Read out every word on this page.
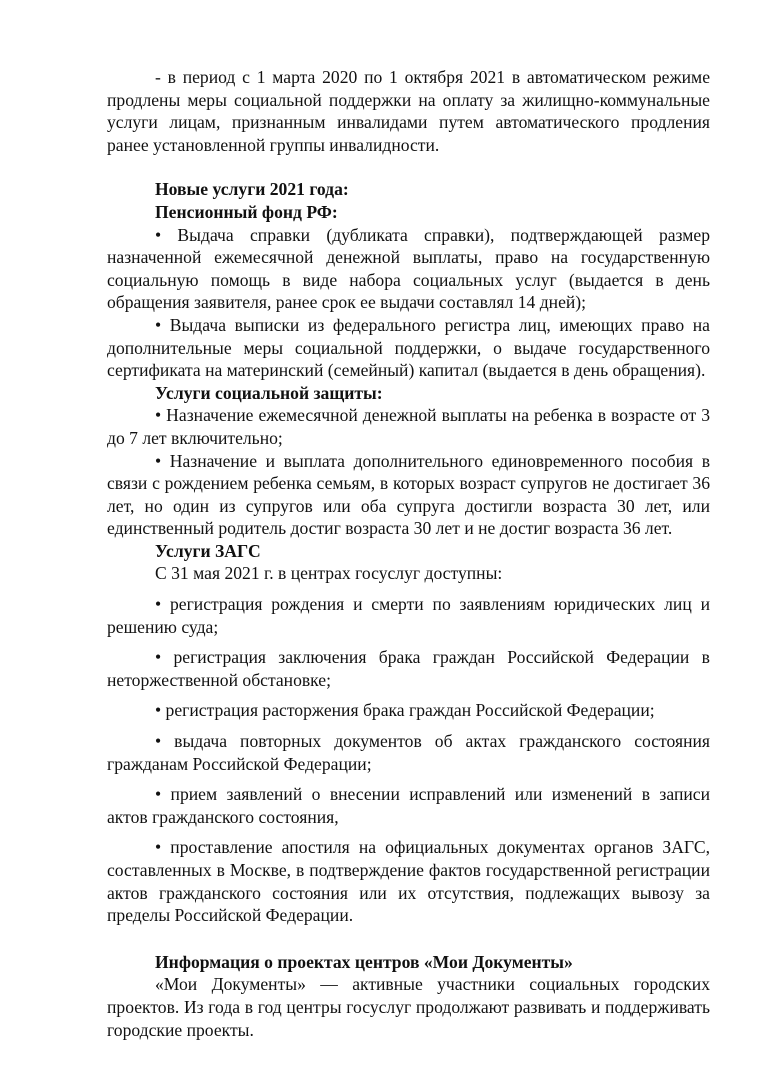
- в период с 1 марта 2020 по 1 октября 2021 в автоматическом режиме продлены меры социальной поддержки на оплату за жилищно-коммунальные услуги лицам, признанным инвалидами путем автоматического продления ранее установленной группы инвалидности.

Новые услуги 2021 года:

Пенсионный фонд РФ:

• Выдача справки (дубликата справки), подтверждающей размер назначенной ежемесячной денежной выплаты, право на государственную социальную помощь в виде набора социальных услуг (выдается в день обращения заявителя, ранее срок ее выдачи составлял 14 дней);

• Выдача выписки из федерального регистра лиц, имеющих право на дополнительные меры социальной поддержки, о выдаче государственного сертификата на материнский (семейный) капитал (выдается в день обращения).

Услуги социальной защиты:

• Назначение ежемесячной денежной выплаты на ребенка в возрасте от 3 до 7 лет включительно;

• Назначение и выплата дополнительного единовременного пособия в связи с рождением ребенка семьям, в которых возраст супругов не достигает 36 лет, но один из супругов или оба супруга достигли возраста 30 лет, или единственный родитель достиг возраста 30 лет и не достиг возраста 36 лет.

Услуги ЗАГС

С 31 мая 2021 г. в центрах госуслуг доступны:

• регистрация рождения и смерти по заявлениям юридических лиц и решению суда;

• регистрация заключения брака граждан Российской Федерации в неторжественной обстановке;

• регистрация расторжения брака граждан Российской Федерации;

• выдача повторных документов об актах гражданского состояния гражданам Российской Федерации;

• прием заявлений о внесении исправлений или изменений в записи актов гражданского состояния,

• проставление апостиля на официальных документах органов ЗАГС, составленных в Москве, в подтверждение фактов государственной регистрации актов гражданского состояния или их отсутствия, подлежащих вывозу за пределы Российской Федерации.

Информация о проектах центров «Мои Документы»

«Мои Документы» — активные участники социальных городских проектов. Из года в год центры госуслуг продолжают развивать и поддерживать городские проекты.
